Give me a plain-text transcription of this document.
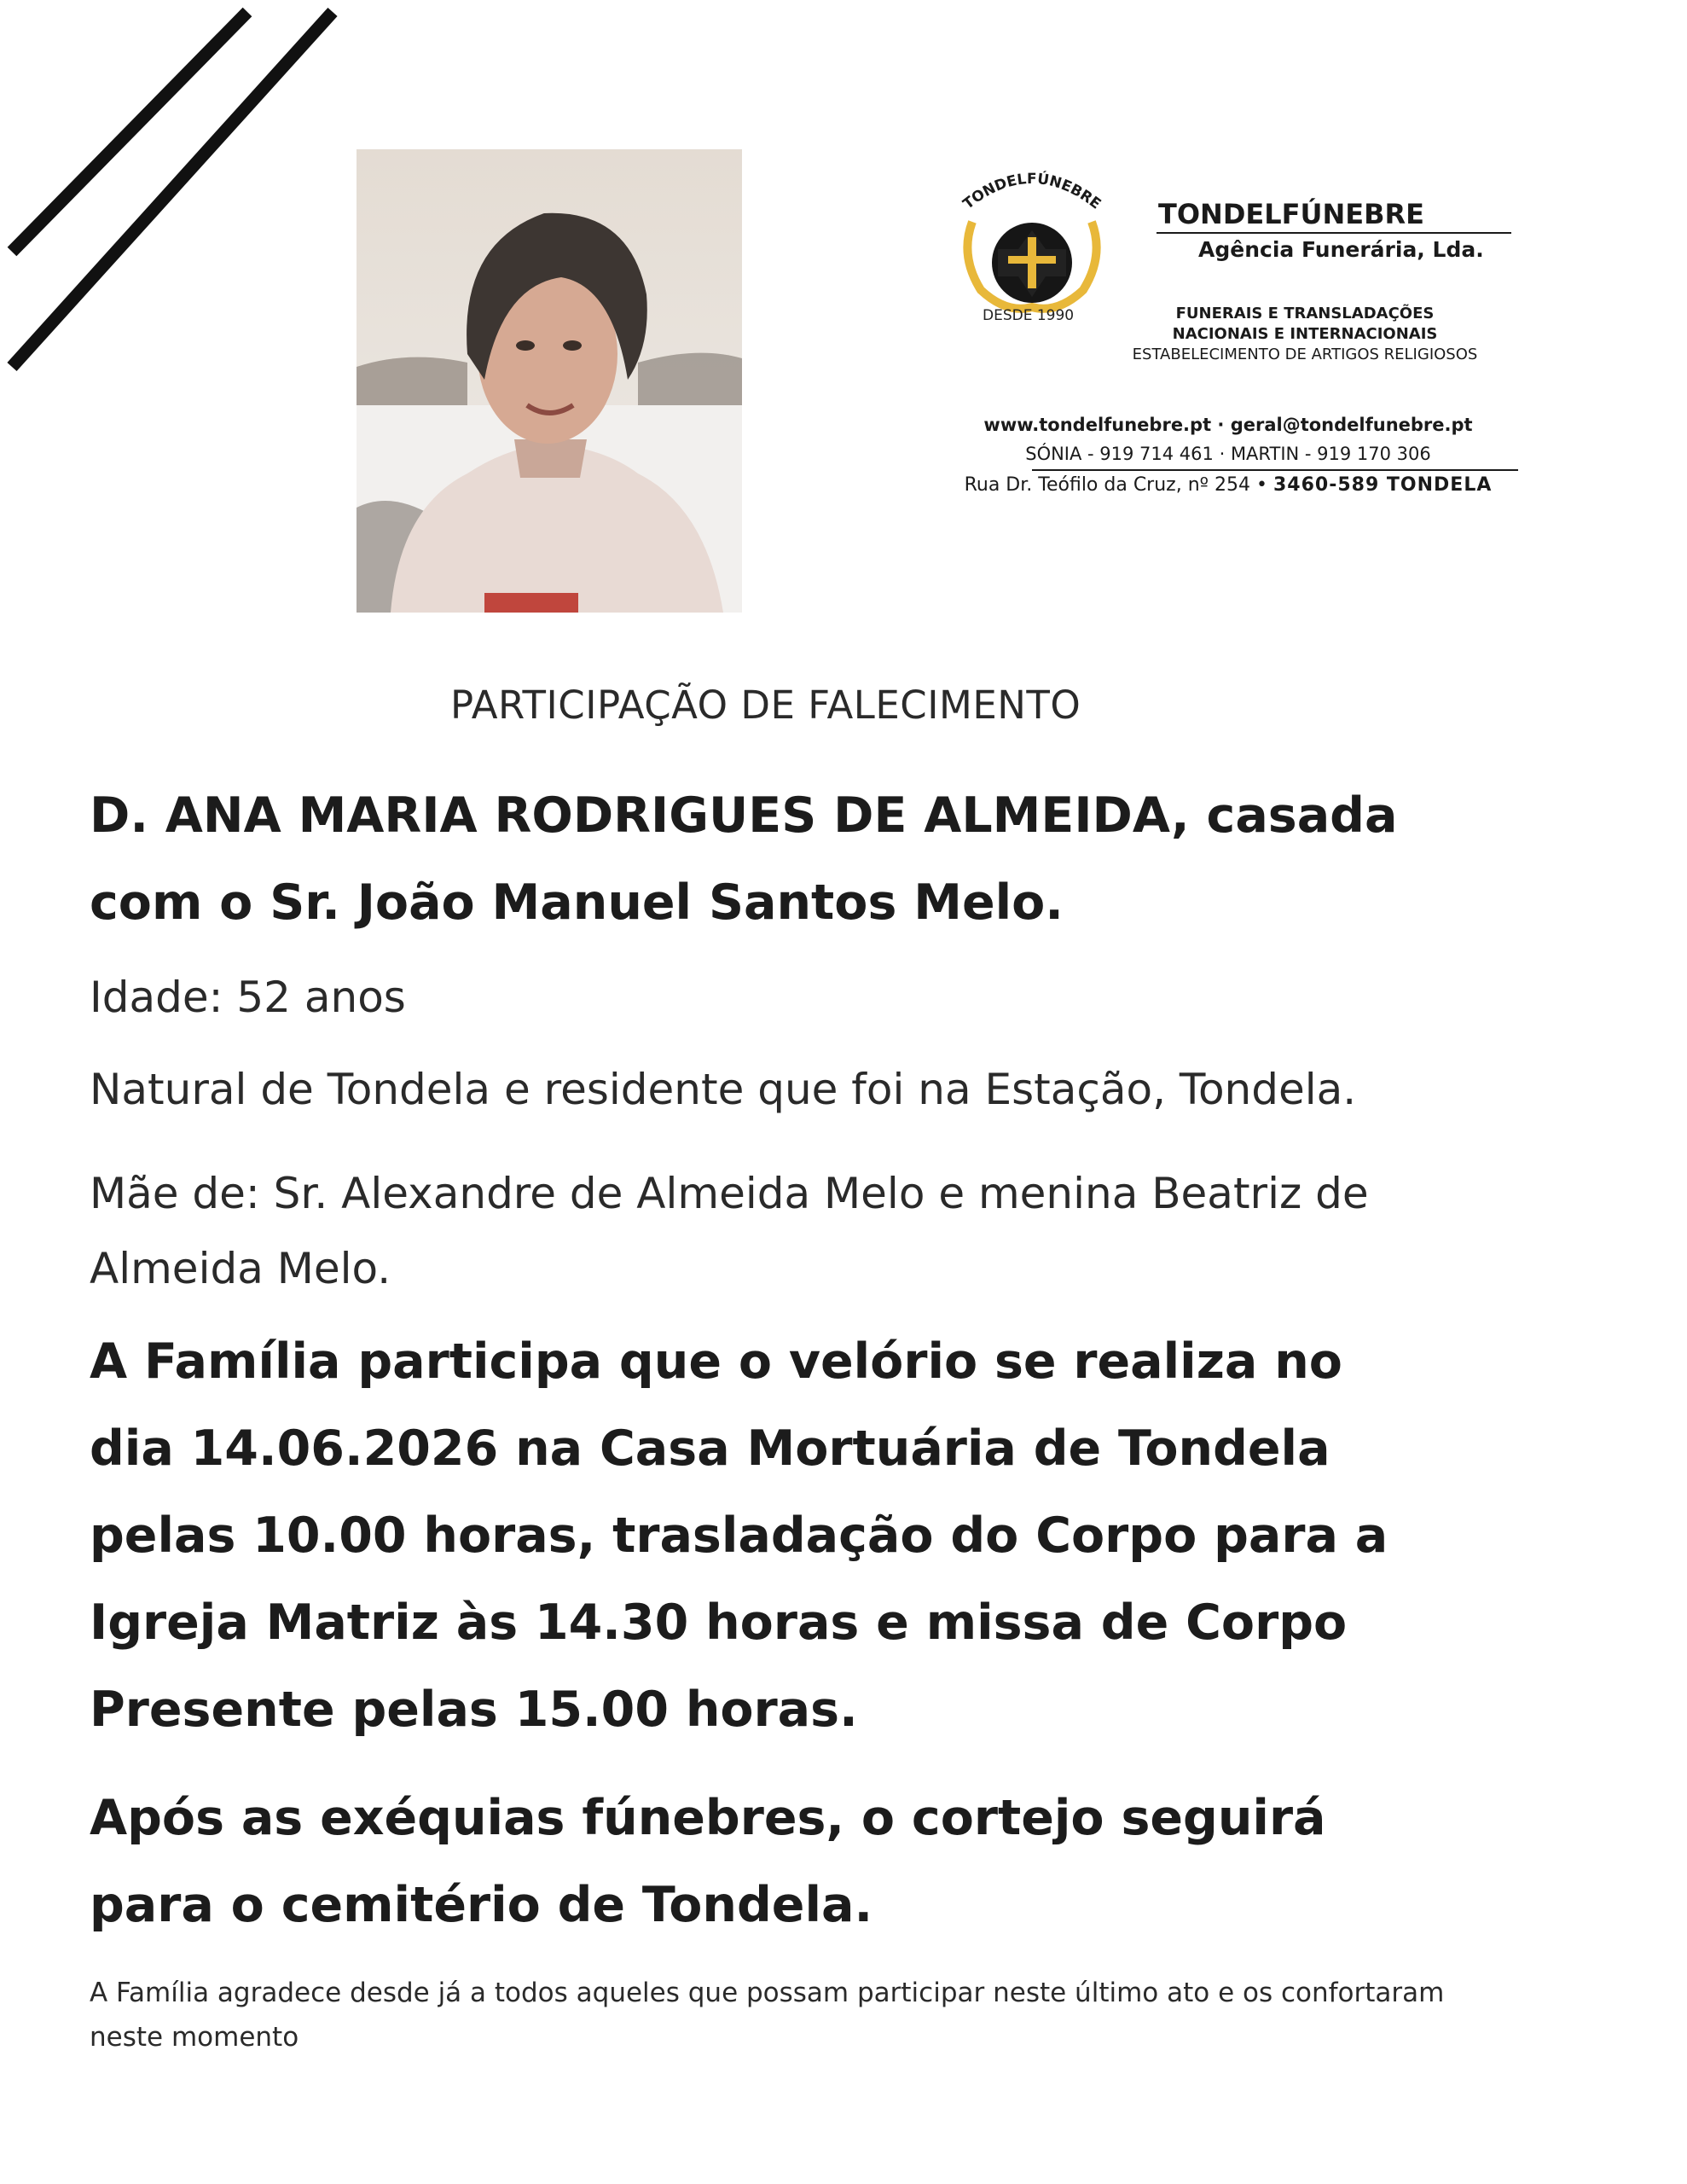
TONDELFÚNEBRE
DESDE 1990
TONDELFÚNEBRE
Agência Funerária, Lda.
FUNERAIS E TRANSLADAÇÕES
NACIONAIS E INTERNACIONAIS
ESTABELECIMENTO DE ARTIGOS RELIGIOSOS
www.tondelfunebre.pt · geral@tondelfunebre.pt
SÓNIA - 919 714 461 · MARTIN - 919 170 306
Rua Dr. Teófilo da Cruz, nº 254 • 3460-589 TONDELA
PARTICIPAÇÃO DE FALECIMENTO
D. ANA MARIA RODRIGUES DE ALMEIDA, casada
com o Sr. João Manuel Santos Melo.
Idade: 52 anos
Natural de Tondela e residente que foi na Estação, Tondela.
Mãe de: Sr. Alexandre de Almeida Melo e menina Beatriz de
Almeida Melo.
A Família participa que o velório se realiza no
dia 14.06.2026 na Casa Mortuária de Tondela
pelas 10.00 horas, trasladação do Corpo para a
Igreja Matriz às 14.30 horas e missa de Corpo
Presente pelas 15.00 horas.
Após as exéquias fúnebres, o cortejo seguirá
para o cemitério de Tondela.
A Família agradece desde já a todos aqueles que possam participar neste último ato e os confortaram
neste momento
